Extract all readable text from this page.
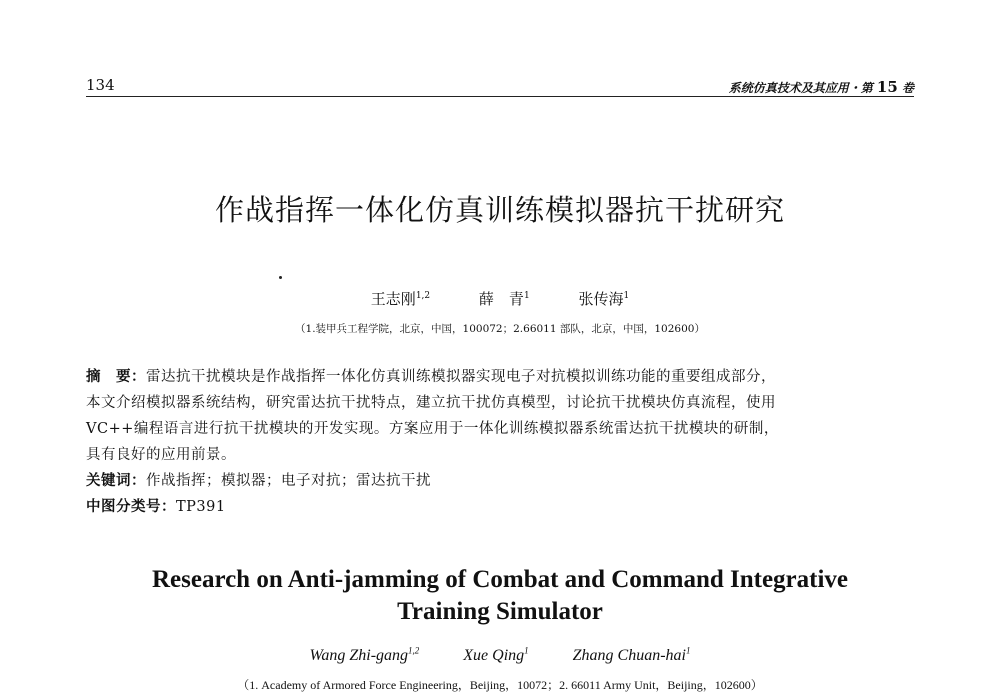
134	系统仿真技术及其应用・第 15 卷
作战指挥一体化仿真训练模拟器抗干扰研究
王志刚$^{1,2}$	薛　青$^1$	张传海$^1$
（1.装甲兵工程学院，北京，中国，100072；2.66011 部队，北京，中国，102600）
摘　要：雷达抗干扰模块是作战指挥一体化仿真训练模拟器实现电子对抗模拟训练功能的重要组成部分，
本文介绍模拟器系统结构，研究雷达抗干扰特点，建立抗干扰仿真模型，讨论抗干扰模块仿真流程，使用
VC++编程语言进行抗干扰模块的开发实现。方案应用于一体化训练模拟器系统雷达抗干扰模块的研制，
具有良好的应用前景。
关键词：作战指挥；模拟器；电子对抗；雷达抗干扰
中图分类号：TP391
Research on Anti-jamming of Combat and Command Integrative
Training Simulator
Wang Zhi-gang$^{1,2}$	Xue Qing$^1$	Zhang Chuan-hai$^1$
（1. Academy of Armored Force Engineering，Beijing，10072；2. 66011 Army Unit，Beijing，102600）
